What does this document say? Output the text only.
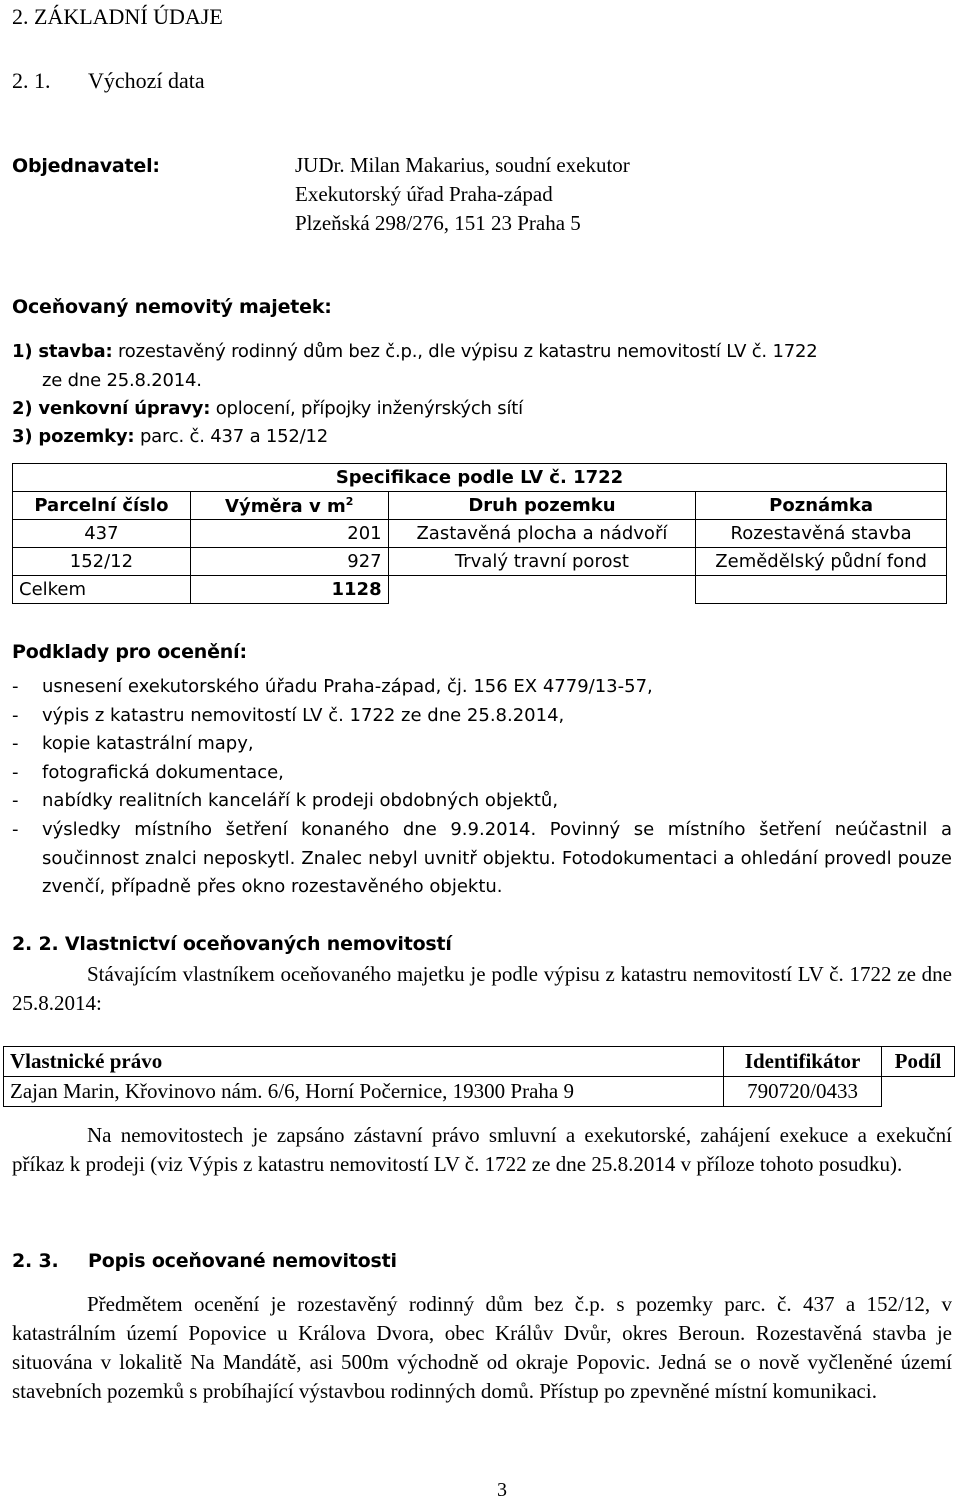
2. ZÁKLADNÍ ÚDAJE
2. 1. Výchozí data
Objednavatel:	JUDr. Milan Makarius, soudní exekutor
Exekutorský úřad Praha-západ
Plzeňská 298/276, 151 23 Praha 5
Oceňovaný nemovitý majetek:
1) stavba: rozestavěný rodinný dům bez č.p., dle výpisu z katastru nemovitostí LV č. 1722
ze dne 25.8.2014.
2) venkovní úpravy: oplocení, přípojky inženýrských sítí
3) pozemky: parc. č. 437 a 152/12
Specifikace podle LV č. 1722			
Parcelní číslo	Výměra v $m^2$	Druh pozemku	Poznámka
437	201	Zastavěná plocha a nádvoří	Rozestavěná stavba
152/12	927	Trvalý travní porost	Zemědělský půdní fond
Celkem	1128		
Podklady pro ocenění:
-	usnesení exekutorského úřadu Praha-západ, čj. 156 EX 4779/13-57,
-	výpis z katastru nemovitostí LV č. 1722 ze dne 25.8.2014,
-	kopie katastrální mapy,
-	fotografická dokumentace,
-	nabídky realitních kanceláří k prodeji obdobných objektů,
-	výsledky místního šetření konaného dne 9.9.2014. Povinný se místního šetření neúčastnil a součinnost znalci neposkytl. Znalec nebyl uvnitř objektu. Fotodokumentaci a ohledání provedl pouze zvenčí, případně přes okno rozestavěného objektu.
2. 2. Vlastnictví oceňovaných nemovitostí
Stávajícím vlastníkem oceňovaného majetku je podle výpisu z katastru nemovitostí LV č. 1722 ze dne 25.8.2014:
Vlastnické právo	Identifikátor	Podíl
Zajan Marin, Křovinovo nám. 6/6, Horní Počernice, 19300 Praha 9	790720/0433	
Na nemovitostech je zapsáno zástavní právo smluvní a exekutorské, zahájení exekuce a exekuční příkaz k prodeji (viz Výpis z katastru nemovitostí LV č. 1722 ze dne 25.8.2014 v příloze tohoto posudku).
2. 3. Popis oceňované nemovitosti
Předmětem ocenění je rozestavěný rodinný dům bez č.p. s pozemky parc. č. 437 a 152/12, v katastrálním území Popovice u Králova Dvora, obec Králův Dvůr, okres Beroun. Rozestavěná stavba je situována v lokalitě Na Mandátě, asi 500m východně od okraje Popovic. Jedná se o nově vyčleněné území stavebních pozemků s probíhající výstavbou rodinných domů. Přístup po zpevněné místní komunikaci.
3
